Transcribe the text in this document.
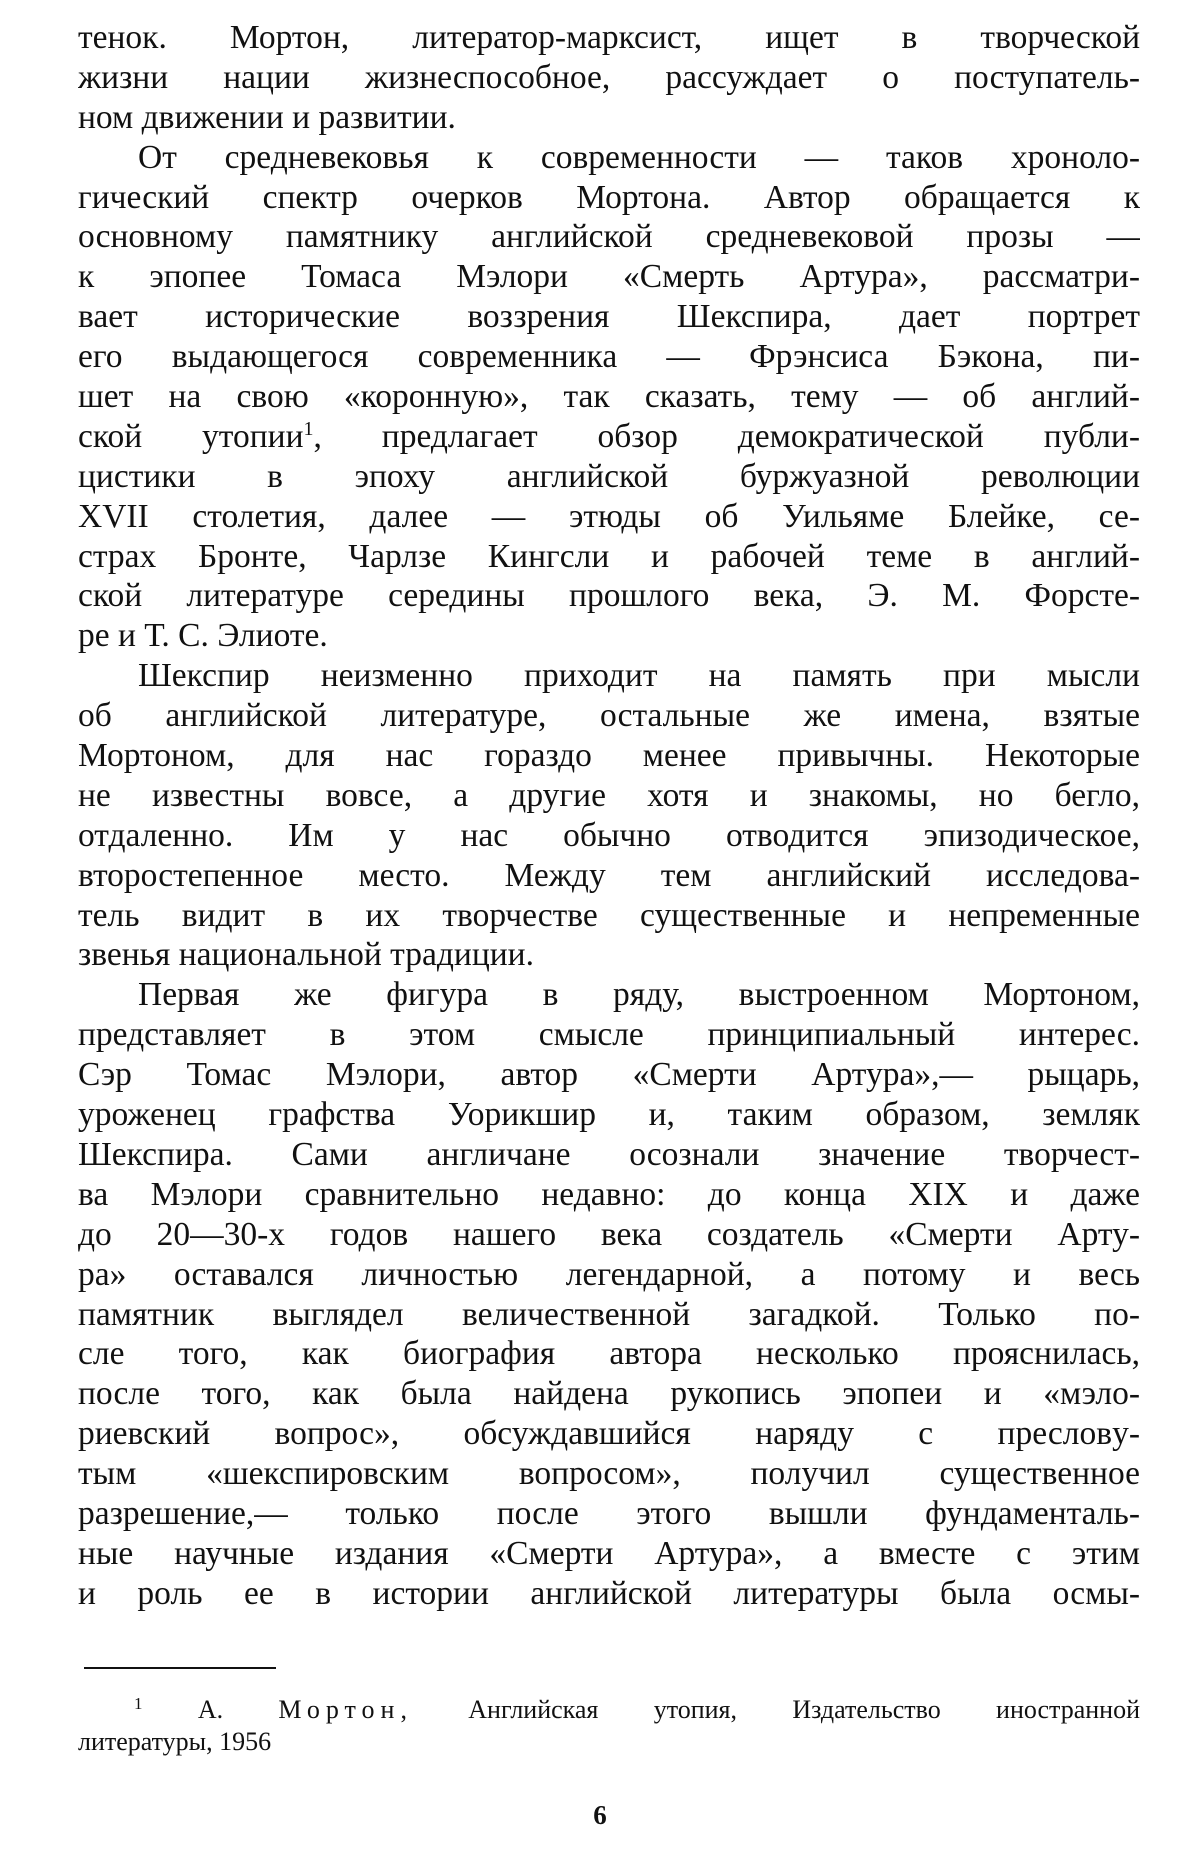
тенок. Мортон, литератор-марксист, ищет в творческой
жизни нации жизнеспособное, рассуждает о поступатель-
ном движении и развитии.
От средневековья к современности — таков хроноло-
гический спектр очерков Мортона. Автор обращается к
основному памятнику английской средневековой прозы —
к эпопее Томаса Мэлори «Смерть Артура», рассматри-
вает исторические воззрения Шекспира, дает портрет
его выдающегося современника — Фрэнсиса Бэкона, пи-
шет на свою «коронную», так сказать, тему — об англий-
ской утопии$^1$, предлагает обзор демократической публи-
цистики в эпоху английской буржуазной революции
XVII столетия, далее — этюды об Уильяме Блейке, се-
страх Бронте, Чарлзе Кингсли и рабочей теме в англий-
ской литературе середины прошлого века, Э. М. Форсте-
ре и Т. С. Элиоте.
Шекспир неизменно приходит на память при мысли
об английской литературе, остальные же имена, взятые
Мортоном, для нас гораздо менее привычны. Некоторые
не известны вовсе, а другие хотя и знакомы, но бегло,
отдаленно. Им у нас обычно отводится эпизодическое,
второстепенное место. Между тем английский исследова-
тель видит в их творчестве существенные и непременные
звенья национальной традиции.
Первая же фигура в ряду, выстроенном Мортоном,
представляет в этом смысле принципиальный интерес.
Сэр Томас Мэлори, автор «Смерти Артура»,— рыцарь,
уроженец графства Уорикшир и, таким образом, земляк
Шекспира. Сами англичане осознали значение творчест-
ва Мэлори сравнительно недавно: до конца XIX и даже
до 20—30-х годов нашего века создатель «Смерти Арту-
ра» оставался личностью легендарной, а потому и весь
памятник выглядел величественной загадкой. Только по-
сле того, как биография автора несколько прояснилась,
после того, как была найдена рукопись эпопеи и «мэло-
риевский вопрос», обсуждавшийся наряду с пресловy-
тым «шекспировским вопросом», получил существенное
разрешение,— только после этого вышли фундаменталь-
ные научные издания «Смерти Артура», а вместе с этим
и роль ее в истории английской литературы была осмы-
$^1$ А. Мортон, Английская утопия, Издательство иностранной
литературы, 1956
6
